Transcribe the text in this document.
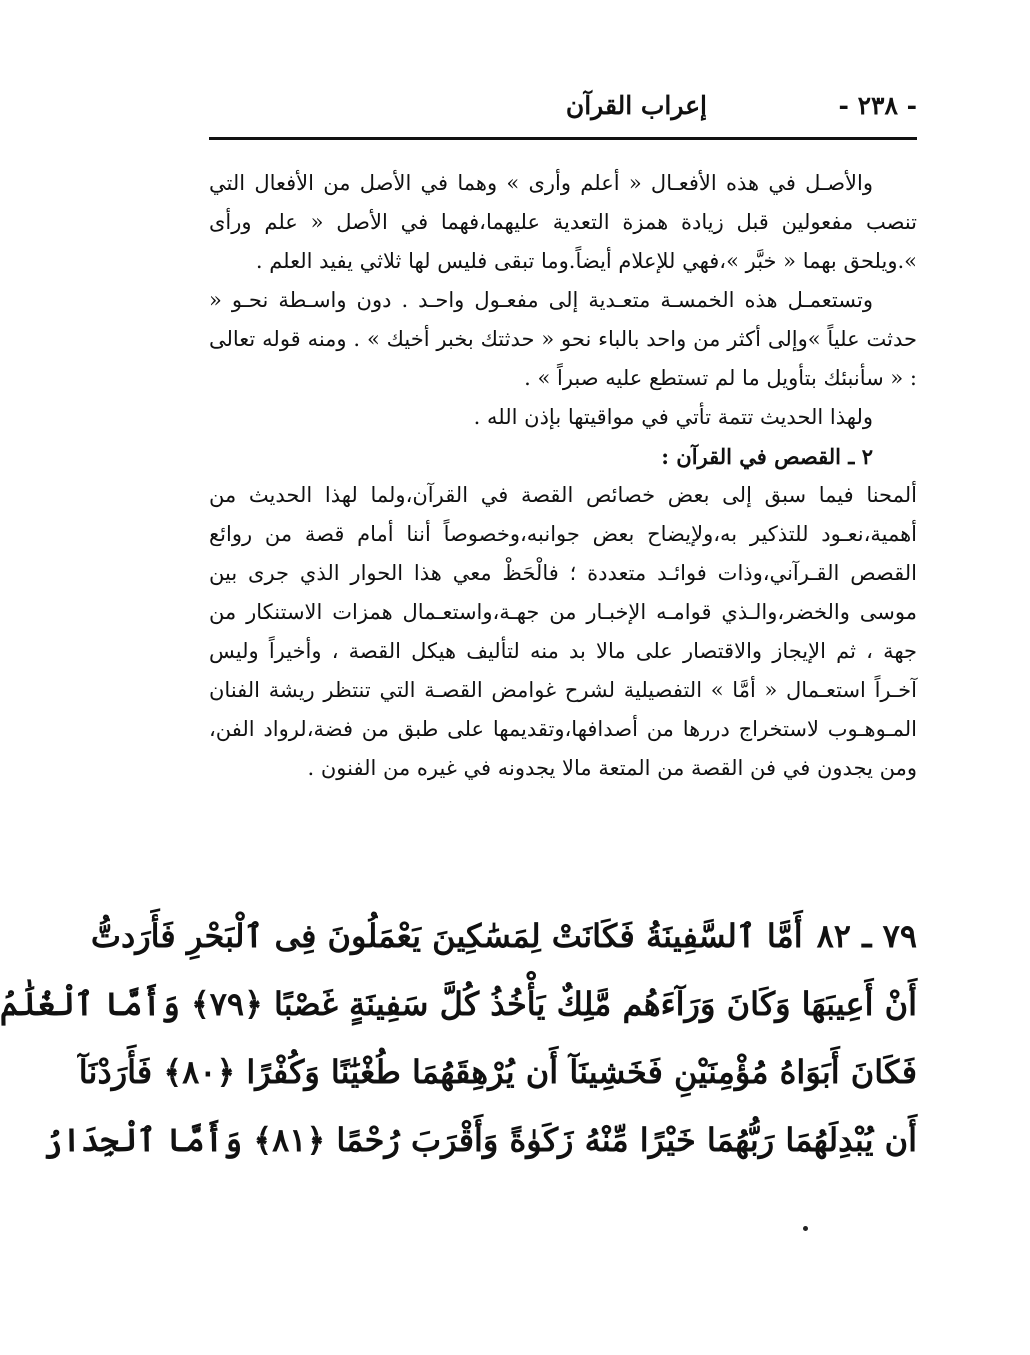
- ٢٣٨ -
إعراب القرآن

والأصـل في هذه الأفعـال « أعلم وأرى » وهما في الأصل من الأفعال التي تنصب مفعولين قبل زيادة همزة التعدية عليهما،فهما في الأصل « علم ورأى ».ويلحق بهما « خبَّر »،فهي للإعلام أيضاً.وما تبقى فليس لها ثلاثي يفيد العلم .

وتستعمـل هذه الخمسـة متعـدية إلى مفعـول واحـد . دون واسـطة نحـو « حدثت علياً »وإلى أكثر من واحد بالباء نحو « حدثتك بخبر أخيك » . ومنه قوله تعالى : « سأنبئك بتأويل ما لم تستطع عليه صبراً » .

ولهذا الحديث تتمة تأتي في مواقيتها بإذن الله .

٢ ـ القصص في القرآن :

ألمحنا فيما سبق إلى بعض خصائص القصة في القرآن،ولما لهذا الحديث من أهمية،نعـود للتذكير به،ولإيضاح بعض جوانبه،وخصوصاً أننا أمام قصة من روائع القصص القـرآني،وذات فوائـد متعددة ؛ فالْحَظْ معي هذا الحوار الذي جرى بين موسى والخضر،والـذي قوامـه الإخبـار من جهـة،واستعـمال همزات الاستنكار من جهة ، ثم الإيجاز والاقتصار على مالا بد منه لتأليف هيكل القصة ، وأخيراً وليس آخـراً استعـمال « أمَّا » التفصيلية لشرح غوامض القصـة التي تنتظر ريشة الفنان المـوهـوب لاستخراج دررها من أصدافها،وتقديمها على طبق من فضة،لرواد الفن، ومن يجدون في فن القصة من المتعة مالا يجدونه في غيره من الفنون .

٧٩ ـ ٨٢أَمَّا ٱلسَّفِينَةُ فَكَانَتْ لِمَسَٰكِينَ يَعْمَلُونَ فِى ٱلْبَحْرِ فَأَرَدتُّ
أَنْ أَعِيبَهَا وَكَانَ وَرَآءَهُم مَّلِكٌ يَأْخُذُ كُلَّ سَفِينَةٍ غَصْبًا ﴿٧٩﴾ وَأَمَّا ٱلْغُلَٰمُ
فَكَانَ أَبَوَاهُ مُؤْمِنَيْنِ فَخَشِينَآ أَن يُرْهِقَهُمَا طُغْيَٰنًا وَكُفْرًا ﴿٨٠﴾ فَأَرَدْنَآ
أَن يُبْدِلَهُمَا رَبُّهُمَا خَيْرًا مِّنْهُ زَكَوٰةً وَأَقْرَبَ رُحْمًا ﴿٨١﴾ وَأَمَّا ٱلْجِدَارُ
